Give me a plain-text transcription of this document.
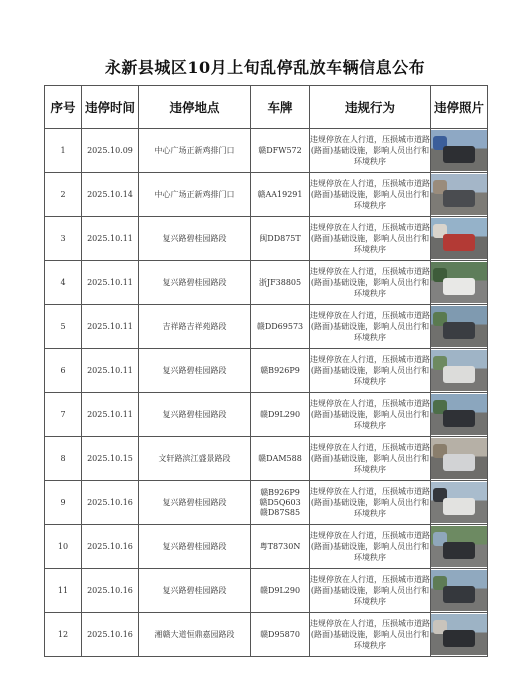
永新县城区10月上旬乱停乱放车辆信息公布
序号	违停时间	违停地点	车牌	违规行为	违停照片
1	2025.10.09	中心广场正新鸡排门口	赣DFW572	违规停放在人行道，压损城市道路(路面)基础设施，影响人员出行和环境秩序	

2	2025.10.14	中心广场正新鸡排门口	赣AA19291	违规停放在人行道，压损城市道路(路面)基础设施，影响人员出行和环境秩序	

3	2025.10.11	复兴路碧桂园路段	闽DD875T	违规停放在人行道，压损城市道路(路面)基础设施，影响人员出行和环境秩序	

4	2025.10.11	复兴路碧桂园路段	浙JF38805	违规停放在人行道，压损城市道路(路面)基础设施，影响人员出行和环境秩序	

5	2025.10.11	吉祥路吉祥苑路段	赣DD69573	违规停放在人行道，压损城市道路(路面)基础设施，影响人员出行和环境秩序	

6	2025.10.11	复兴路碧桂园路段	赣B926P9	违规停放在人行道，压损城市道路(路面)基础设施，影响人员出行和环境秩序	

7	2025.10.11	复兴路碧桂园路段	赣D9L290	违规停放在人行道，压损城市道路(路面)基础设施，影响人员出行和环境秩序	

8	2025.10.15	文轩路滨江盛景路段	赣DAM588	违规停放在人行道，压损城市道路(路面)基础设施，影响人员出行和环境秩序	

9	2025.10.16	复兴路碧桂园路段	赣B926P9
赣D5Q603
赣D87S85	违规停放在人行道，压损城市道路(路面)基础设施，影响人员出行和环境秩序	

10	2025.10.16	复兴路碧桂园路段	粤T8730N	违规停放在人行道，压损城市道路(路面)基础设施，影响人员出行和环境秩序	

11	2025.10.16	复兴路碧桂园路段	赣D9L290	违规停放在人行道，压损城市道路(路面)基础设施，影响人员出行和环境秩序	

12	2025.10.16	湘赣大道恒鼎嘉园路段	赣D95870	违规停放在人行道，压损城市道路(路面)基础设施，影响人员出行和环境秩序	
